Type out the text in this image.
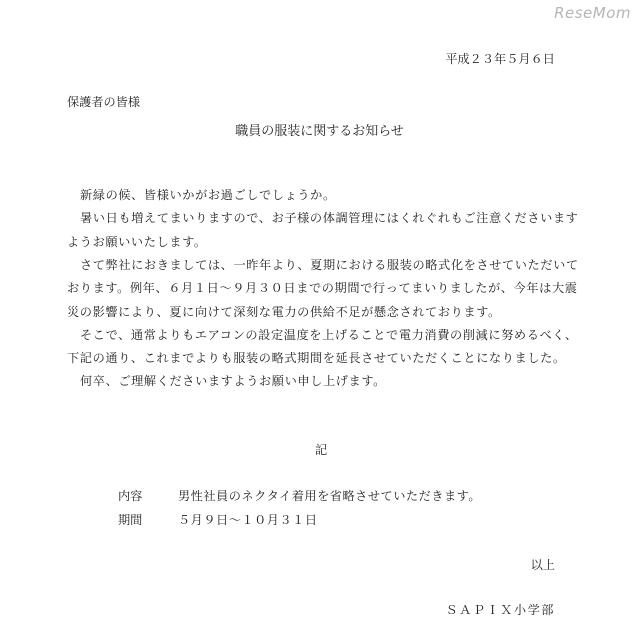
ReseMom
平成２３年５月６日
保護者の皆様
職員の服装に関するお知らせ
新緑の候、皆様いかがお過ごしでしょうか。
暑い日も増えてまいりますので、お子様の体調管理にはくれぐれもご注意くださいます
ようお願いいたします。
さて弊社におきましては、一昨年より、夏期における服装の略式化をさせていただいて
おります。例年、６月１日～９月３０日までの期間で行ってまいりましたが、今年は大震
災の影響により、夏に向けて深刻な電力の供給不足が懸念されております。
そこで、通常よりもエアコンの設定温度を上げることで電力消費の削減に努めるべく、
下記の通り、これまでよりも服装の略式期間を延長させていただくことになりました。
何卒、ご理解くださいますようお願い申し上げます。
記
内容	男性社員のネクタイ着用を省略させていただきます。
期間	５月９日～１０月３１日
以上
ＳＡＰＩＸ小学部
